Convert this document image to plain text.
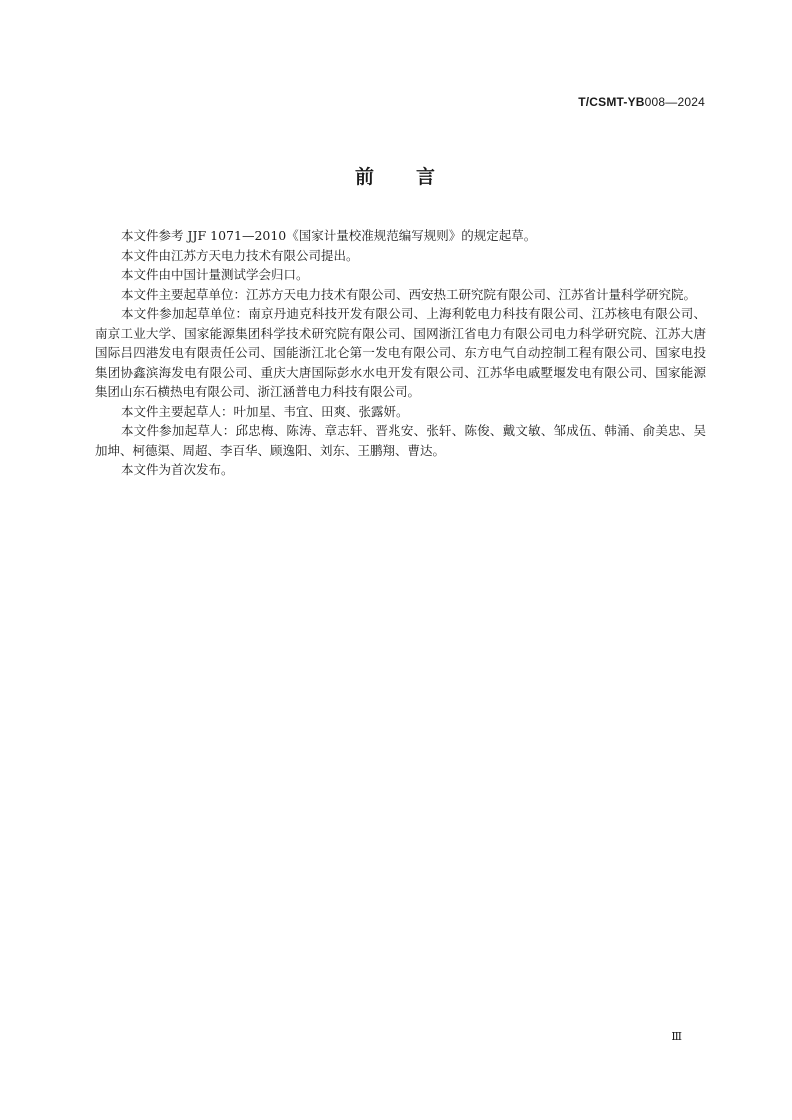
T/CSMT-YB008—2024
前 言

本文件参考 JJF 1071—2010《国家计量校准规范编写规则》的规定起草。

本文件由江苏方天电力技术有限公司提出。

本文件由中国计量测试学会归口。

本文件主要起草单位：江苏方天电力技术有限公司、西安热工研究院有限公司、江苏省计量科学研究院。

本文件参加起草单位：南京丹迪克科技开发有限公司、上海利乾电力科技有限公司、江苏核电有限公司、南京工业大学、国家能源集团科学技术研究院有限公司、国网浙江省电力有限公司电力科学研究院、江苏大唐国际吕四港发电有限责任公司、国能浙江北仑第一发电有限公司、东方电气自动控制工程有限公司、国家电投集团协鑫滨海发电有限公司、重庆大唐国际彭水水电开发有限公司、江苏华电戚墅堰发电有限公司、国家能源集团山东石横热电有限公司、浙江涵普电力科技有限公司。

本文件主要起草人：叶加星、韦宜、田爽、张露妍。

本文件参加起草人：邱忠梅、陈涛、章志轩、晋兆安、张轩、陈俊、戴文敏、邹成伍、韩涌、俞美忠、吴加坤、柯德渠、周超、李百华、顾逸阳、刘东、王鹏翔、曹达。

本文件为首次发布。

Ⅲ
